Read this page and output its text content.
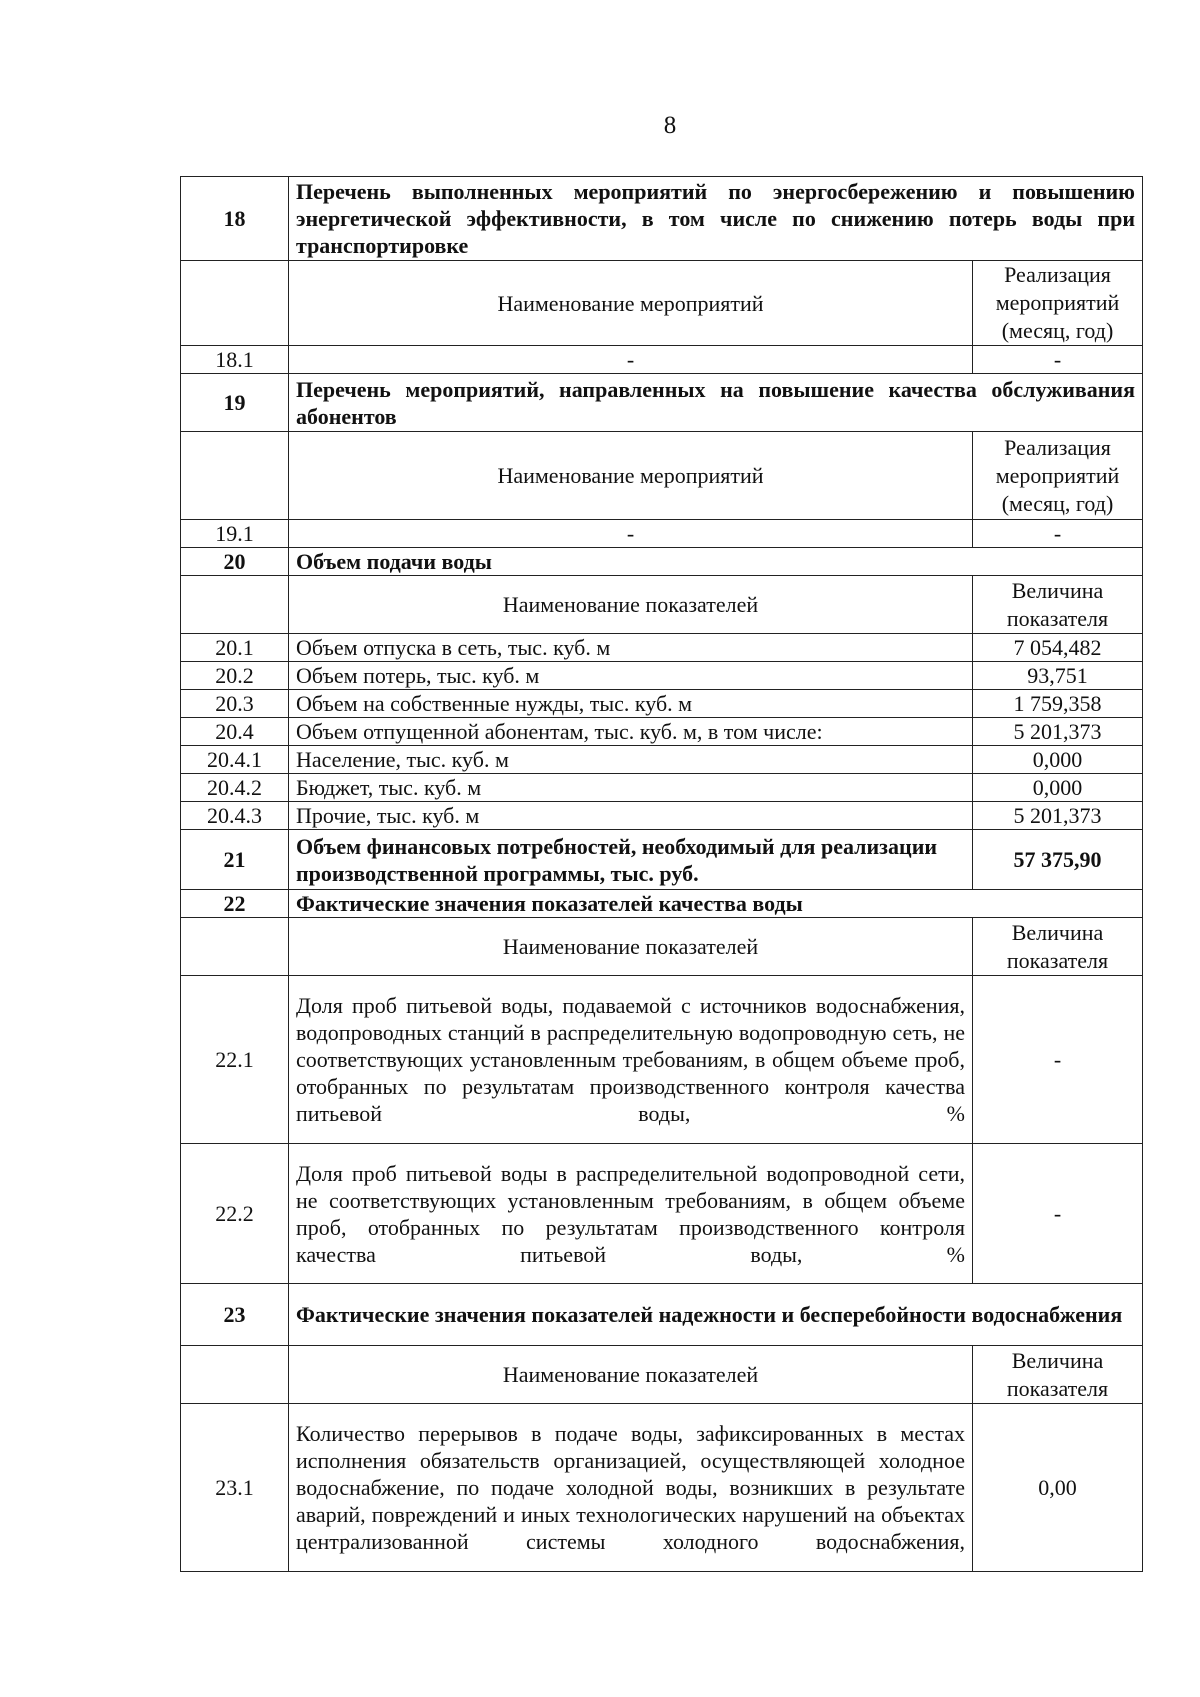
8
18	Перечень выполненных мероприятий по энергосбережению и повышению энергетической эффективности, в том числе по снижению потерь воды при транспортировке	
	Наименование мероприятий	Реализация мероприятий (месяц, год)
18.1	-	-
19	Перечень мероприятий, направленных на повышение качества обслуживания абонентов	
	Наименование мероприятий	Реализация мероприятий (месяц, год)
19.1	-	-
20	Объем подачи воды	
	Наименование показателей	Величина показателя
20.1	Объем отпуска в сеть, тыс. куб. м	7 054,482
20.2	Объем потерь, тыс. куб. м	93,751
20.3	Объем на собственные нужды, тыс. куб. м	1 759,358
20.4	Объем отпущенной абонентам, тыс. куб. м, в том числе:	5 201,373
20.4.1	Население, тыс. куб. м	0,000
20.4.2	Бюджет, тыс. куб. м	0,000
20.4.3	Прочие, тыс. куб. м	5 201,373
21	Объем финансовых потребностей, необходимый для реализации производственной программы, тыс. руб.	57 375,90
22	Фактические значения показателей качества воды	
	Наименование показателей	Величина показателя
22.1	Доля проб питьевой воды, подаваемой с источников водоснабжения, водопроводных станций в распределительную водопроводную сеть, не соответствующих установленным требованиям, в общем объеме проб, отобранных по результатам производственного контроля качества питьевой воды, %	-
22.2	Доля проб питьевой воды в распределительной водопроводной сети, не соответствующих установленным требованиям, в общем объеме проб, отобранных по результатам производственного контроля качества питьевой воды, %	-
23	Фактические значения показателей надежности и бесперебойности водоснабжения	
	Наименование показателей	Величина показателя
23.1	Количество перерывов в подаче воды, зафиксированных в местах исполнения обязательств организацией, осуществляющей холодное водоснабжение, по подаче холодной воды, возникших в результате аварий, повреждений и иных технологических нарушений на объектах централизованной системы холодного водоснабжения,	0,00
